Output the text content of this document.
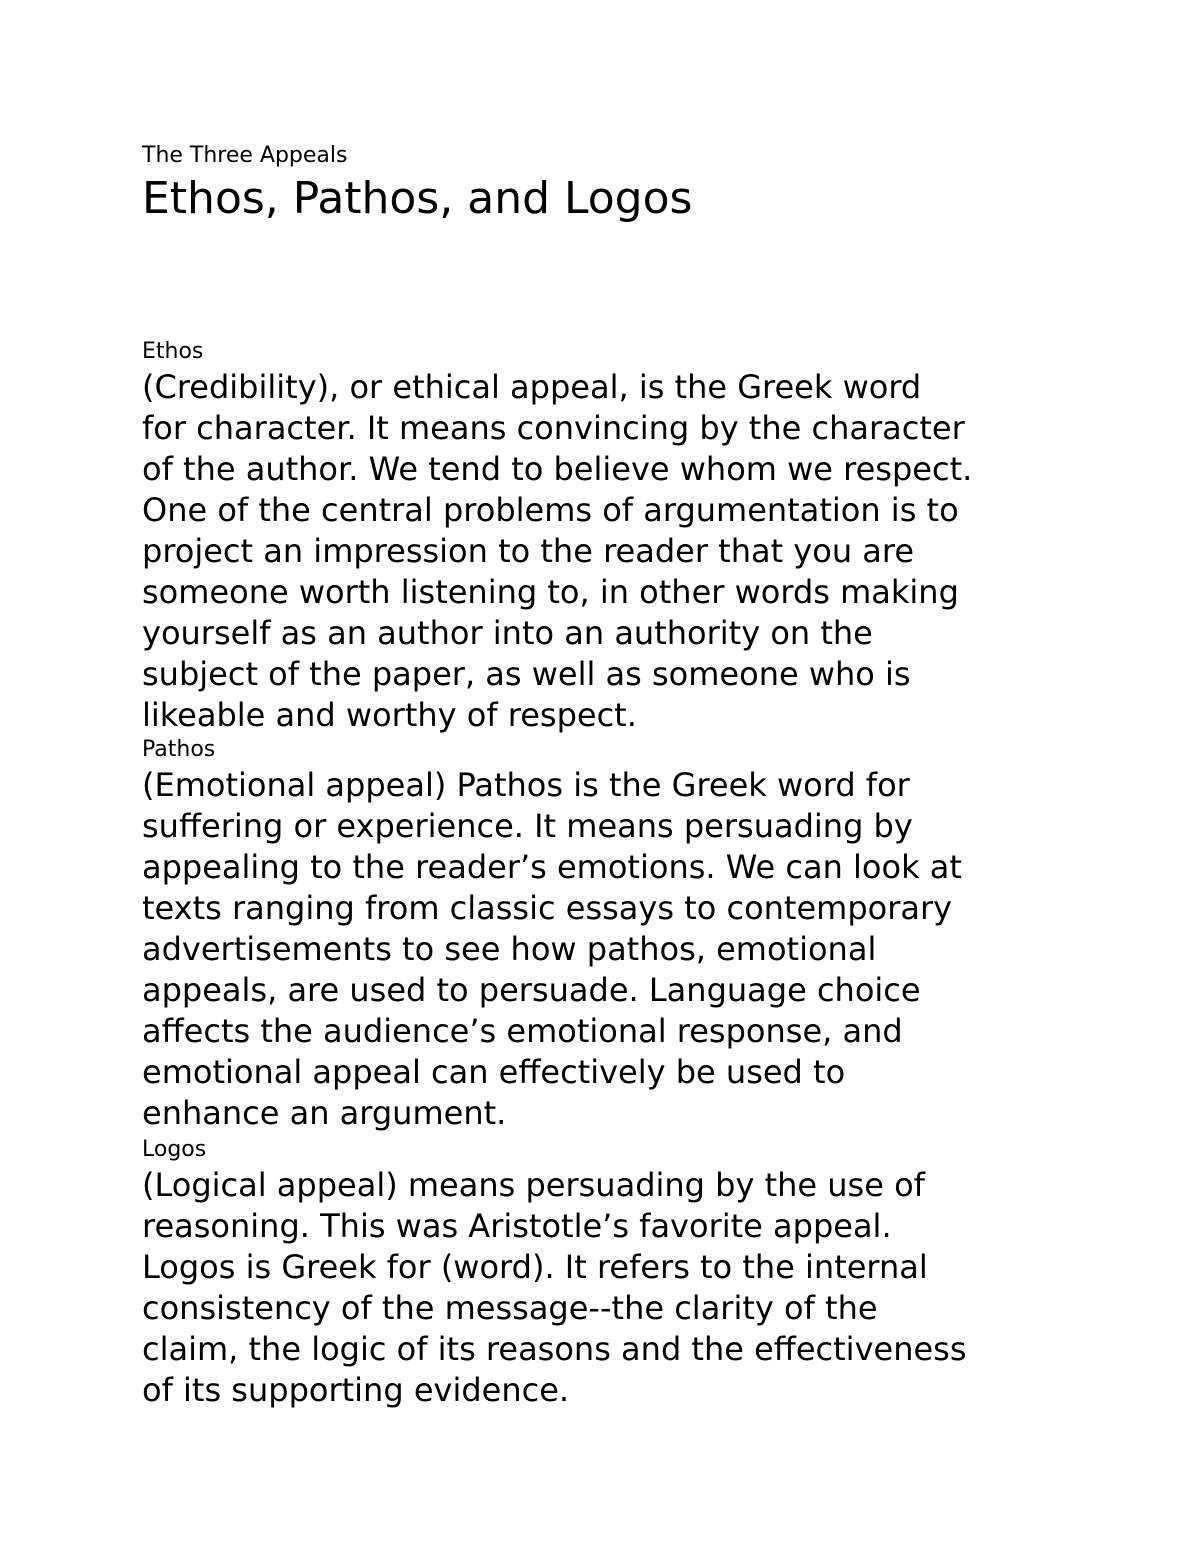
The Three Appeals
Ethos, Pathos, and Logos
Ethos

(Credibility), or ethical appeal, is the Greek word
for character. It means convincing by the character
of the author. We tend to believe whom we respect.
One of the central problems of argumentation is to
project an impression to the reader that you are
someone worth listening to, in other words making
yourself as an author into an authority on the
subject of the paper, as well as someone who is
likeable and worthy of respect.

Pathos

(Emotional appeal) Pathos is the Greek word for
suffering or experience. It means persuading by
appealing to the reader’s emotions. We can look at
texts ranging from classic essays to contemporary
advertisements to see how pathos, emotional
appeals, are used to persuade. Language choice
affects the audience’s emotional response, and
emotional appeal can effectively be used to
enhance an argument.

Logos

(Logical appeal) means persuading by the use of
reasoning. This was Aristotle’s favorite appeal.
Logos is Greek for (word). It refers to the internal
consistency of the message--the clarity of the
claim, the logic of its reasons and the effectiveness
of its supporting evidence.
